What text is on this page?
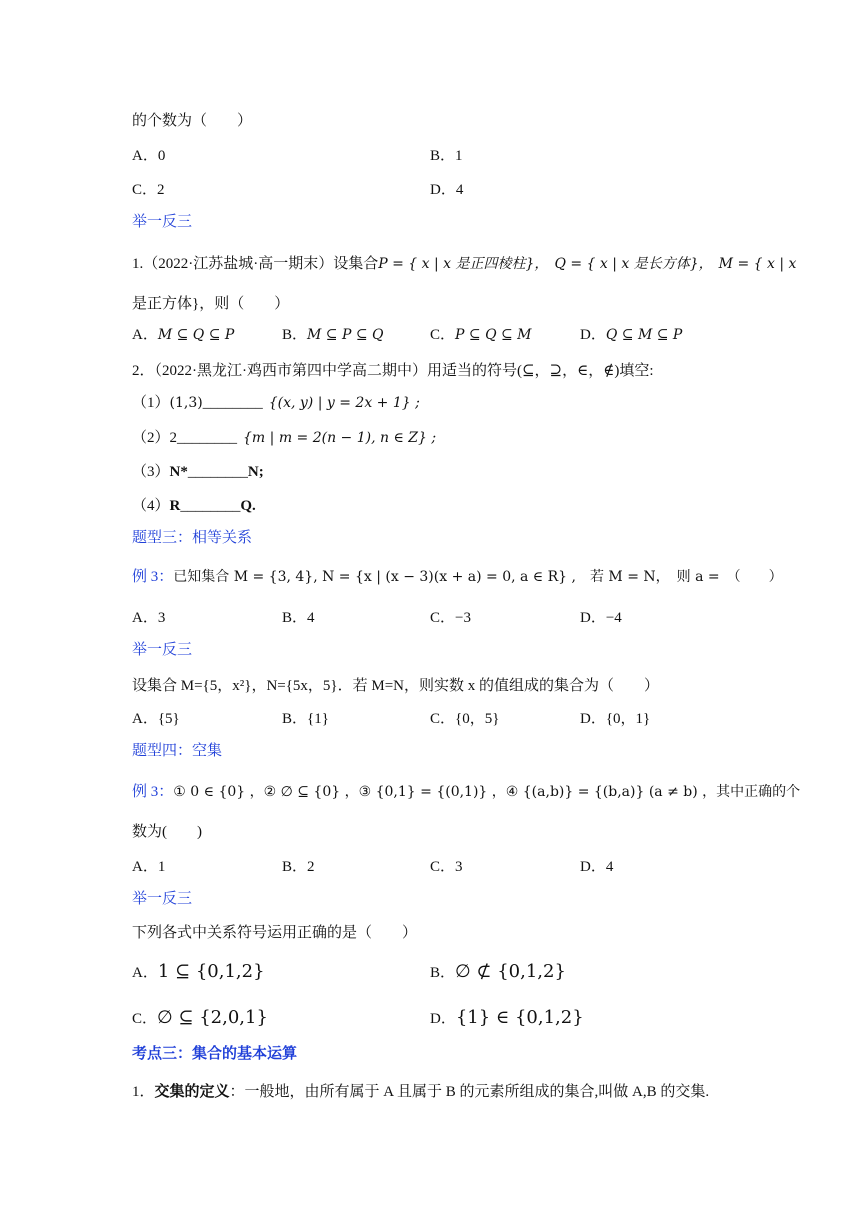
的个数为（　　）
A．0	B．1
C．2	D．4
举一反三
1.（2022·江苏盐城·高一期末）设集合P = { x | x 是正四棱柱}， Q = { x | x 是长方体}， M = { x | x
是正方体}，则（　　）
A．M ⊆ Q ⊆ P	B．M ⊆ P ⊆ Q	C．P ⊆ Q ⊆ M	D．Q ⊆ M ⊆ P
2．（2022·黑龙江·鸡西市第四中学高二期中）用适当的符号(⊆，⊇，∈，∉)填空:
（1）(1,3)________ {(x, y) | y = 2x + 1} ;
（2）2________ {m | m = 2(n − 1), n ∈ Z} ;
（3）N*________N;
（4）R________Q.
题型三：相等关系
例 3：已知集合 M = {3, 4}, N = {x | (x − 3)(x + a) = 0, a ∈ R} ,　若 M = N，　则 a =　（　　）
A．3	B．4	C．−3	D．−4
举一反三
设集合 M={5，x²}，N={5x，5}．若 M=N，则实数 x 的值组成的集合为（　　）
A．{5}	B．{1}	C．{0，5}	D．{0，1}
题型四：空集
例 3：① 0 ∈ {0} ，② ∅ ⊆ {0} ，③ {0,1} = {(0,1)} ，④ {(a,b)} = {(b,a)} (a ≠ b) ，其中正确的个
数为(　　)
A．1	B．2	C．3	D．4
举一反三
下列各式中关系符号运用正确的是（　　）
A．1 ⊆ {0,1,2}	B．∅ ⊄ {0,1,2}
C．∅ ⊆ {2,0,1}	D．{1} ∈ {0,1,2}
考点三：集合的基本运算
1．交集的定义：一般地，由所有属于 A 且属于 B 的元素所组成的集合,叫做 A,B 的交集.
